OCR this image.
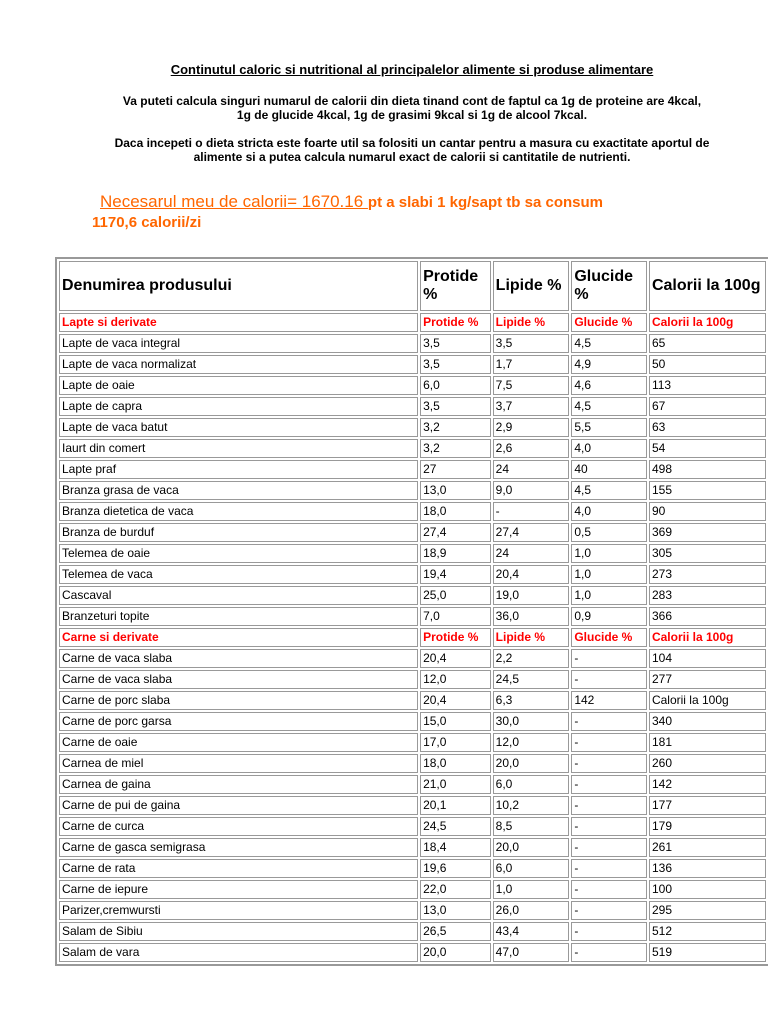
Continutul caloric si nutritional al principalelor alimente si produse alimentare
Va puteti calcula singuri numarul de calorii din dieta tinand cont de faptul ca 1g de proteine are 4kcal,
1g de glucide 4kcal, 1g de grasimi 9kcal si 1g de alcool 7kcal.
Daca incepeti o dieta stricta este foarte util sa folositi un cantar pentru a masura cu exactitate aportul de
alimente si a putea calcula numarul exact de calorii si cantitatile de nutrienti.
Necesarul meu de calorii= 1670.16 pt a slabi 1 kg/sapt tb sa consum
1170,6 calorii/zi
Denumirea produsului	Protide %	Lipide %	Glucide %	Calorii la 100g
Lapte si derivate	Protide %	Lipide %	Glucide %	Calorii la 100g
Lapte de vaca integral	3,5	3,5	4,5	65
Lapte de vaca normalizat	3,5	1,7	4,9	50
Lapte de oaie	6,0	7,5	4,6	113
Lapte de capra	3,5	3,7	4,5	67
Lapte de vaca batut	3,2	2,9	5,5	63
Iaurt din comert	3,2	2,6	4,0	54
Lapte praf	27	24	40	498
Branza grasa de vaca	13,0	9,0	4,5	155
Branza dietetica de vaca	18,0	-	4,0	90
Branza de burduf	27,4	27,4	0,5	369
Telemea de oaie	18,9	24	1,0	305
Telemea de vaca	19,4	20,4	1,0	273
Cascaval	25,0	19,0	1,0	283
Branzeturi topite	7,0	36,0	0,9	366
Carne si derivate	Protide %	Lipide %	Glucide %	Calorii la 100g
Carne de vaca slaba	20,4	2,2	-	104
Carne de vaca slaba	12,0	24,5	-	277
Carne de porc slaba	20,4	6,3	142	Calorii la 100g
Carne de porc garsa	15,0	30,0	-	340
Carne de oaie	17,0	12,0	-	181
Carnea de miel	18,0	20,0	-	260
Carnea de gaina	21,0	6,0	-	142
Carne de pui de gaina	20,1	10,2	-	177
Carne de curca	24,5	8,5	-	179
Carne de gasca semigrasa	18,4	20,0	-	261
Carne de rata	19,6	6,0	-	136
Carne de iepure	22,0	1,0	-	100
Parizer,cremwursti	13,0	26,0	-	295
Salam de Sibiu	26,5	43,4	-	512
Salam de vara	20,0	47,0	-	519
